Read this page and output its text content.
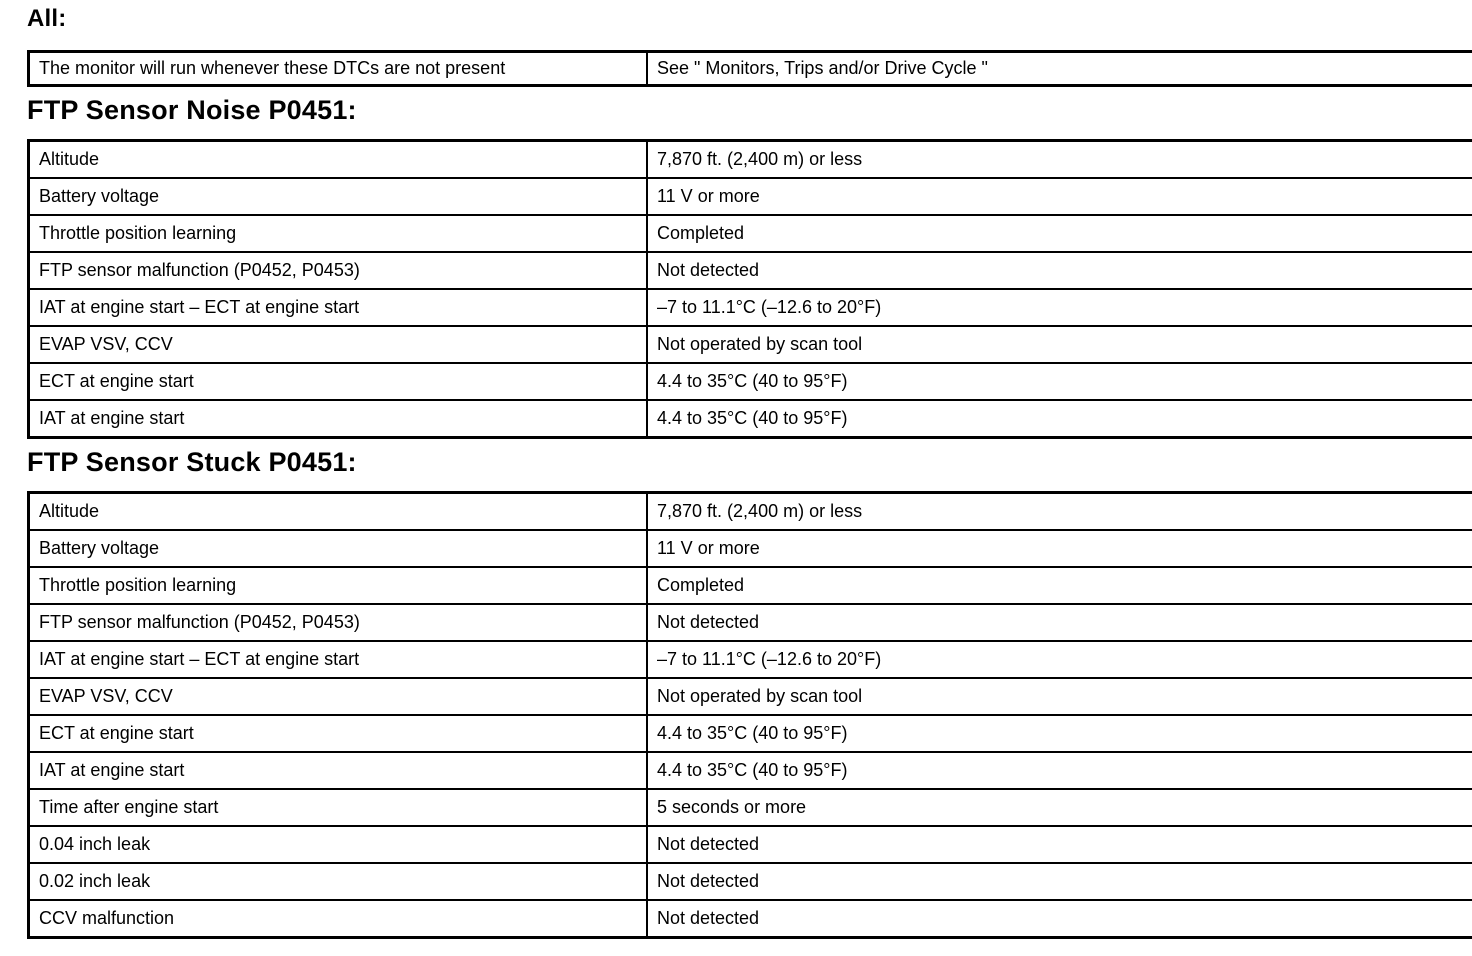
All:
The monitor will run whenever these DTCs are not present	See " Monitors, Trips and/or Drive Cycle "
FTP Sensor Noise P0451:
Altitude	7,870 ft. (2,400 m) or less
Battery voltage	11 V or more
Throttle position learning	Completed
FTP sensor malfunction (P0452, P0453)	Not detected
IAT at engine start – ECT at engine start	–7 to 11.1°C (–12.6 to 20°F)
EVAP VSV, CCV	Not operated by scan tool
ECT at engine start	4.4 to 35°C (40 to 95°F)
IAT at engine start	4.4 to 35°C (40 to 95°F)
FTP Sensor Stuck P0451:
Altitude	7,870 ft. (2,400 m) or less
Battery voltage	11 V or more
Throttle position learning	Completed
FTP sensor malfunction (P0452, P0453)	Not detected
IAT at engine start – ECT at engine start	–7 to 11.1°C (–12.6 to 20°F)
EVAP VSV, CCV	Not operated by scan tool
ECT at engine start	4.4 to 35°C (40 to 95°F)
IAT at engine start	4.4 to 35°C (40 to 95°F)
Time after engine start	5 seconds or more
0.04 inch leak	Not detected
0.02 inch leak	Not detected
CCV malfunction	Not detected
